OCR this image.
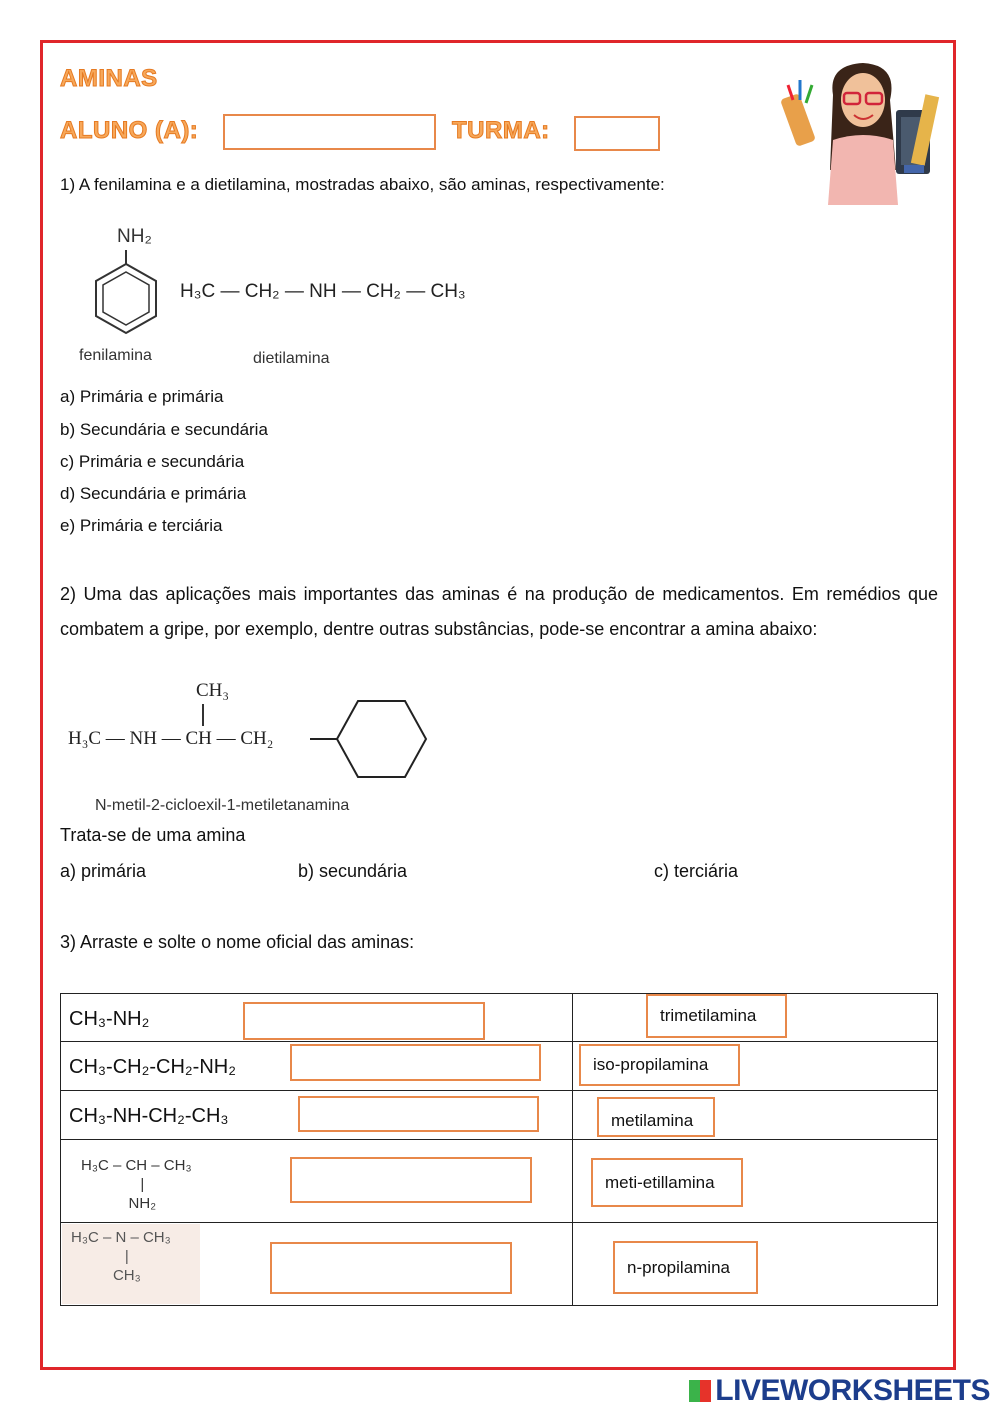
AMINAS
ALUNO (A):	TURMA:
1) A fenilamina e a dietilamina, mostradas abaixo, são aminas, respectivamente:
NH₂
fenilamina
H₃C — CH₂ — NH — CH₂ — CH₃
dietilamina
a) Primária e primária
b) Secundária e secundária
c) Primária e secundária
d) Secundária e primária
e) Primária e terciária
2) Uma das aplicações mais importantes das aminas é na produção de medicamentos. Em remédios que combatem a gripe, por exemplo, dentre outras substâncias, pode-se encontrar a amina abaixo:
CH₃
H₃C — NH — CH — CH₂
N-metil-2-cicloexil-1-metiletanamina
Trata-se de uma amina
a) primária	b) secundária	c) terciária
3) Arraste e solte o nome oficial das aminas:
CH₃-NH₂	trimetilamina

CH₃-CH₂-CH₂-NH₂	iso-propilamina

CH₃-NH-CH₂-CH₃	metilamina

H₃C – CH – CH₃
|
NH₂	meti-etillamina

H₃C – N – CH₃
|
CH₃	n-propilamina
LIVEWORKSHEETS
